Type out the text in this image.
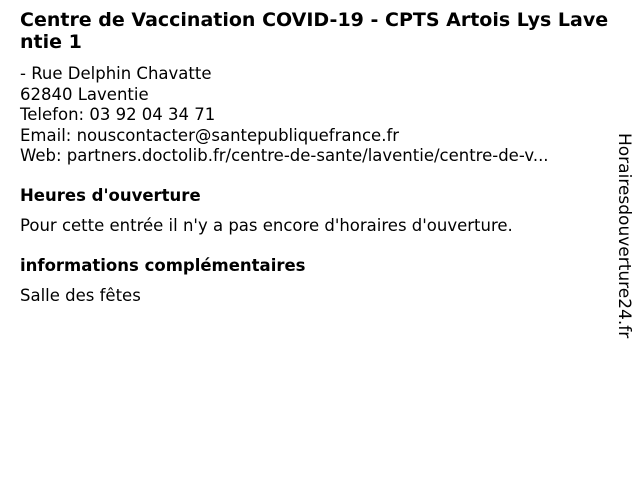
Centre de Vaccination COVID-19 - CPTS Artois Lys Laventie 1
- Rue Delphin Chavatte
62840 Laventie
Telefon: 03 92 04 34 71
Email: nouscontacter@santepubliquefrance.fr
Web: partners.doctolib.fr/centre-de-sante/laventie/centre-de-v...
Heures d'ouverture
Pour cette entrée il n'y a pas encore d'horaires d'ouverture.
informations complémentaires
Salle des fêtes	Horairesdouverture24.fr
